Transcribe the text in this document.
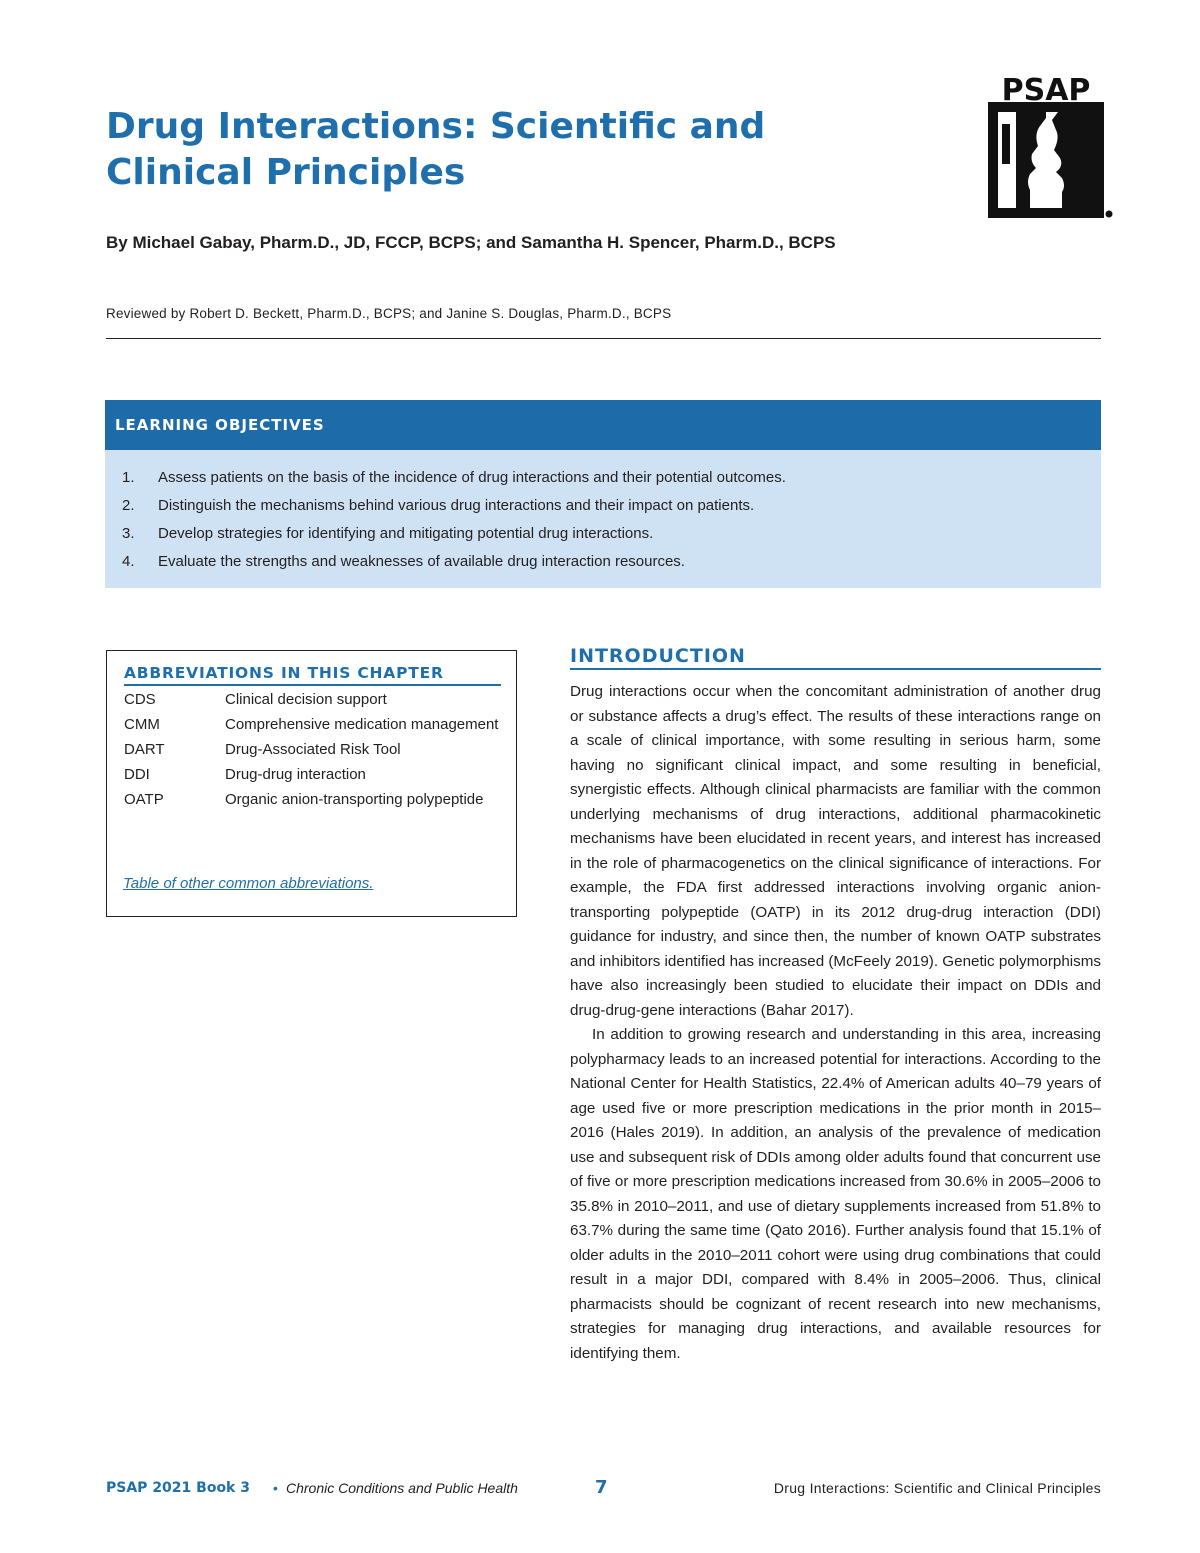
Drug Interactions: Scientific and
Clinical Principles
PSAP
By Michael Gabay, Pharm.D., JD, FCCP, BCPS; and Samantha H. Spencer, Pharm.D., BCPS
Reviewed by Robert D. Beckett, Pharm.D., BCPS; and Janine S. Douglas, Pharm.D., BCPS
LEARNING OBJECTIVES
1. Assess patients on the basis of the incidence of drug interactions and their potential outcomes.
2. Distinguish the mechanisms behind various drug interactions and their impact on patients.
3. Develop strategies for identifying and mitigating potential drug interactions.
4. Evaluate the strengths and weaknesses of available drug interaction resources.
ABBREVIATIONS IN THIS CHAPTER
CDS	Clinical decision support
CMM	Comprehensive medication management
DART	Drug-Associated Risk Tool
DDI	Drug-drug interaction
OATP	Organic anion-transporting polypeptide
Table of other common abbreviations.
INTRODUCTION

Drug interactions occur when the concomitant administration of another drug or substance affects a drug’s effect. The results of these interactions range on a scale of clinical importance, with some resulting in serious harm, some having no significant clinical impact, and some resulting in beneficial, synergistic effects. Although clinical pharmacists are familiar with the common underlying mechanisms of drug interactions, additional pharmacokinetic mechanisms have been elucidated in recent years, and interest has increased in the role of pharmacogenetics on the clinical significance of interactions. For example, the FDA first addressed interactions involving organic anion-transporting polypeptide (OATP) in its 2012 drug-drug interaction (DDI) guidance for industry, and since then, the number of known OATP substrates and inhibitors identified has increased (McFeely 2019). Genetic polymorphisms have also increasingly been studied to elucidate their impact on DDIs and drug-drug-gene interactions (Bahar 2017).

In addition to growing research and understanding in this area, increasing polypharmacy leads to an increased potential for interactions. According to the National Center for Health Statistics, 22.4% of American adults 40–79 years of age used five or more prescription medications in the prior month in 2015–2016 (Hales 2019). In addition, an analysis of the prevalence of medication use and subsequent risk of DDIs among older adults found that concurrent use of five or more prescription medications increased from 30.6% in 2005–2006 to 35.8% in 2010–2011, and use of dietary supplements increased from 51.8% to 63.7% during the same time (Qato 2016). Further analysis found that 15.1% of older adults in the 2010–2011 cohort were using drug combinations that could result in a major DDI, compared with 8.4% in 2005–2006. Thus, clinical pharmacists should be cognizant of recent research into new mechanisms, strategies for managing drug interactions, and available resources for identifying them.

PSAP 2021 Book 3 • Chronic Conditions and Public Health	7	Drug Interactions: Scientific and Clinical Principles
